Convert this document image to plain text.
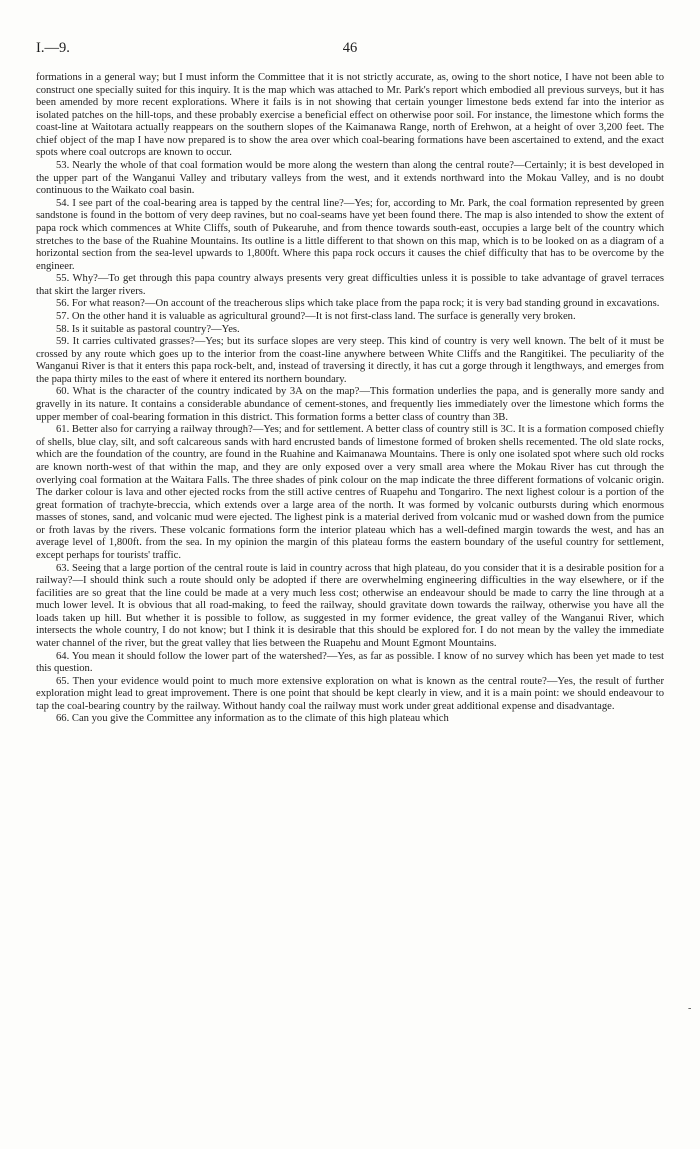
I.—9.	46

formations in a general way; but I must inform the Committee that it is not strictly accurate, as, owing to the short notice, I have not been able to construct one specially suited for this inquiry. It is the map which was attached to Mr. Park's report which embodied all previous surveys, but it has been amended by more recent explorations. Where it fails is in not showing that certain younger limestone beds extend far into the interior as isolated patches on the hill-tops, and these probably exercise a beneficial effect on otherwise poor soil. For instance, the limestone which forms the coast-line at Waitotara actually reappears on the southern slopes of the Kaimanawa Range, north of Erehwon, at a height of over 3,200 feet. The chief object of the map I have now prepared is to show the area over which coal-bearing formations have been ascertained to extend, and the exact spots where coal outcrops are known to occur.

53. Nearly the whole of that coal formation would be more along the western than along the central route?—Certainly; it is best developed in the upper part of the Wanganui Valley and tributary valleys from the west, and it extends northward into the Mokau Valley, and is no doubt continuous to the Waikato coal basin.

54. I see part of the coal-bearing area is tapped by the central line?—Yes; for, according to Mr. Park, the coal formation represented by green sandstone is found in the bottom of very deep ravines, but no coal-seams have yet been found there. The map is also intended to show the extent of papa rock which commences at White Cliffs, south of Pukearuhe, and from thence towards south-east, occupies a large belt of the country which stretches to the base of the Ruahine Mountains. Its outline is a little different to that shown on this map, which is to be looked on as a diagram of a horizontal section from the sea-level upwards to 1,800ft. Where this papa rock occurs it causes the chief difficulty that has to be overcome by the engineer.

55. Why?—To get through this papa country always presents very great difficulties unless it is possible to take advantage of gravel terraces that skirt the larger rivers.

56. For what reason?—On account of the treacherous slips which take place from the papa rock; it is very bad standing ground in excavations.

57. On the other hand it is valuable as agricultural ground?—It is not first-class land. The surface is generally very broken.

58. Is it suitable as pastoral country?—Yes.

59. It carries cultivated grasses?—Yes; but its surface slopes are very steep. This kind of country is very well known. The belt of it must be crossed by any route which goes up to the interior from the coast-line anywhere between White Cliffs and the Rangitikei. The peculiarity of the Wanganui River is that it enters this papa rock-belt, and, instead of traversing it directly, it has cut a gorge through it lengthways, and emerges from the papa thirty miles to the east of where it entered its northern boundary.

60. What is the character of the country indicated by 3A on the map?—This formation underlies the papa, and is generally more sandy and gravelly in its nature. It contains a considerable abundance of cement-stones, and frequently lies immediately over the limestone which forms the upper member of coal-bearing formation in this district. This formation forms a better class of country than 3B.

61. Better also for carrying a railway through?—Yes; and for settlement. A better class of country still is 3C. It is a formation composed chiefly of shells, blue clay, silt, and soft calcareous sands with hard encrusted bands of limestone formed of broken shells recemented. The old slate rocks, which are the foundation of the country, are found in the Ruahine and Kaimanawa Mountains. There is only one isolated spot where such old rocks are known north-west of that within the map, and they are only exposed over a very small area where the Mokau River has cut through the overlying coal formation at the Waitara Falls. The three shades of pink colour on the map indicate the three different formations of volcanic origin. The darker colour is lava and other ejected rocks from the still active centres of Ruapehu and Tongariro. The next lighest colour is a portion of the great formation of trachyte-breccia, which extends over a large area of the north. It was formed by volcanic outbursts during which enormous masses of stones, sand, and volcanic mud were ejected. The lighest pink is a material derived from volcanic mud or washed down from the pumice or froth lavas by the rivers. These volcanic formations form the interior plateau which has a well-defined margin towards the west, and has an average level of 1,800ft. from the sea. In my opinion the margin of this plateau forms the eastern boundary of the useful country for settlement, except perhaps for tourists' traffic.

63. Seeing that a large portion of the central route is laid in country across that high plateau, do you consider that it is a desirable position for a railway?—I should think such a route should only be adopted if there are overwhelming engineering difficulties in the way elsewhere, or if the facilities are so great that the line could be made at a very much less cost; otherwise an endeavour should be made to carry the line through at a much lower level. It is obvious that all road-making, to feed the railway, should gravitate down towards the railway, otherwise you have all the loads taken up hill. But whether it is possible to follow, as suggested in my former evidence, the great valley of the Wanganui River, which intersects the whole country, I do not know; but I think it is desirable that this should be explored for. I do not mean by the valley the immediate water channel of the river, but the great valley that lies between the Ruapehu and Mount Egmont Mountains.

64. You mean it should follow the lower part of the watershed?—Yes, as far as possible. I know of no survey which has been yet made to test this question.

65. Then your evidence would point to much more extensive exploration on what is known as the central route?—Yes, the result of further exploration might lead to great improvement. There is one point that should be kept clearly in view, and it is a main point: we should endeavour to tap the coal-bearing country by the railway. Without handy coal the railway must work under great additional expense and disadvantage.

66. Can you give the Committee any information as to the climate of this high plateau which

-
